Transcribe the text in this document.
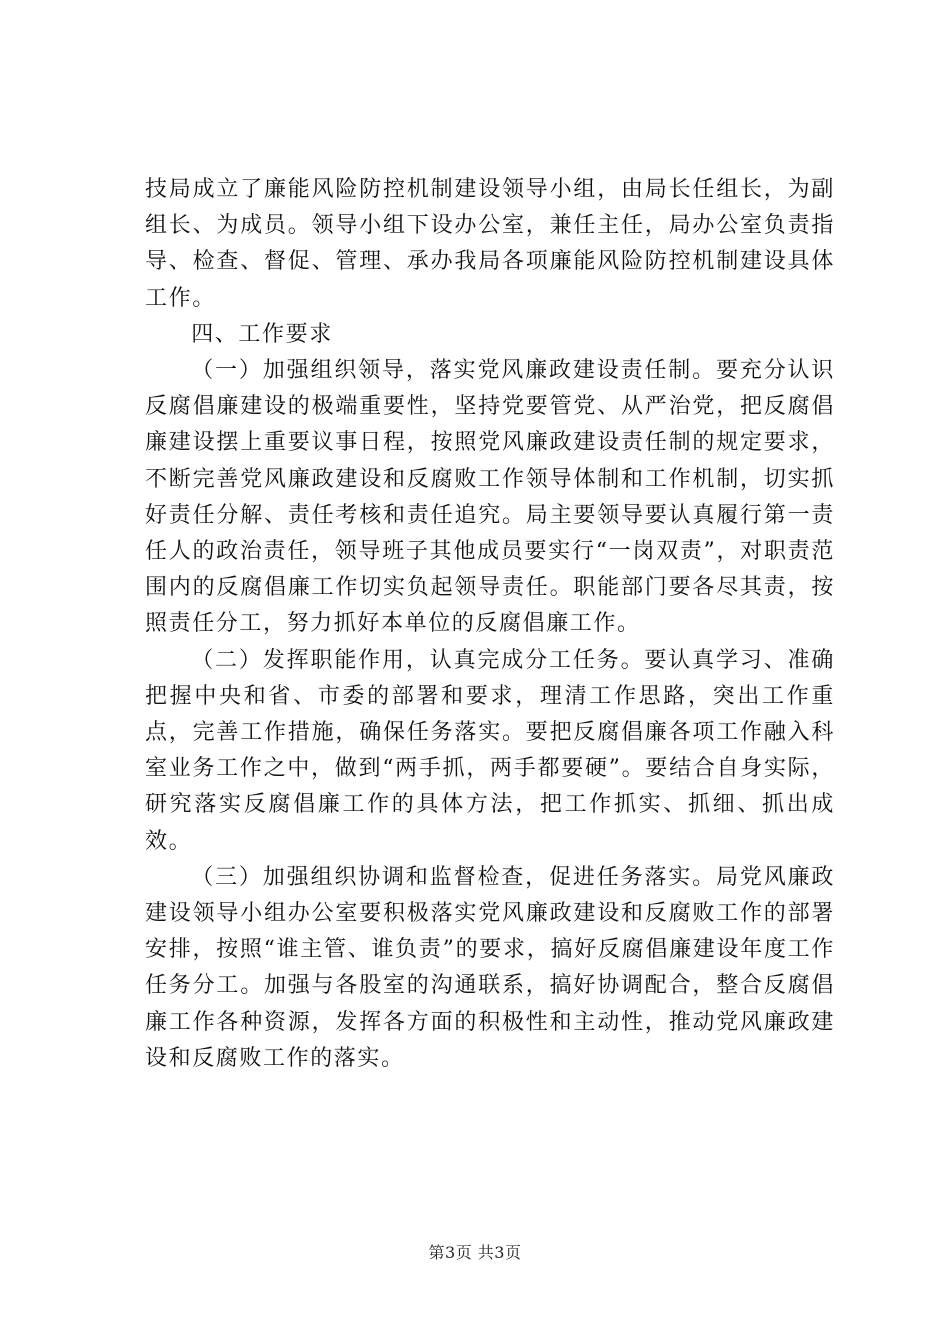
技局成立了廉能风险防控机制建设领导小组，由局长任组长，为副组长、为成员。领导小组下设办公室，兼任主任，局办公室负责指导、检查、督促、管理、承办我局各项廉能风险防控机制建设具体工作。

四、工作要求

（一）加强组织领导，落实党风廉政建设责任制。要充分认识反腐倡廉建设的极端重要性，坚持党要管党、从严治党，把反腐倡廉建设摆上重要议事日程，按照党风廉政建设责任制的规定要求，不断完善党风廉政建设和反腐败工作领导体制和工作机制，切实抓好责任分解、责任考核和责任追究。局主要领导要认真履行第一责任人的政治责任，领导班子其他成员要实行“一岗双责”，对职责范围内的反腐倡廉工作切实负起领导责任。职能部门要各尽其责，按照责任分工，努力抓好本单位的反腐倡廉工作。

（二）发挥职能作用，认真完成分工任务。要认真学习、准确把握中央和省、市委的部署和要求，理清工作思路，突出工作重点，完善工作措施，确保任务落实。要把反腐倡廉各项工作融入科室业务工作之中，做到“两手抓，两手都要硬”。要结合自身实际，研究落实反腐倡廉工作的具体方法，把工作抓实、抓细、抓出成效。

（三）加强组织协调和监督检查，促进任务落实。局党风廉政建设领导小组办公室要积极落实党风廉政建设和反腐败工作的部署安排，按照“谁主管、谁负责”的要求，搞好反腐倡廉建设年度工作任务分工。加强与各股室的沟通联系，搞好协调配合，整合反腐倡廉工作各种资源，发挥各方面的积极性和主动性，推动党风廉政建设和反腐败工作的落实。

第3页 共3页
